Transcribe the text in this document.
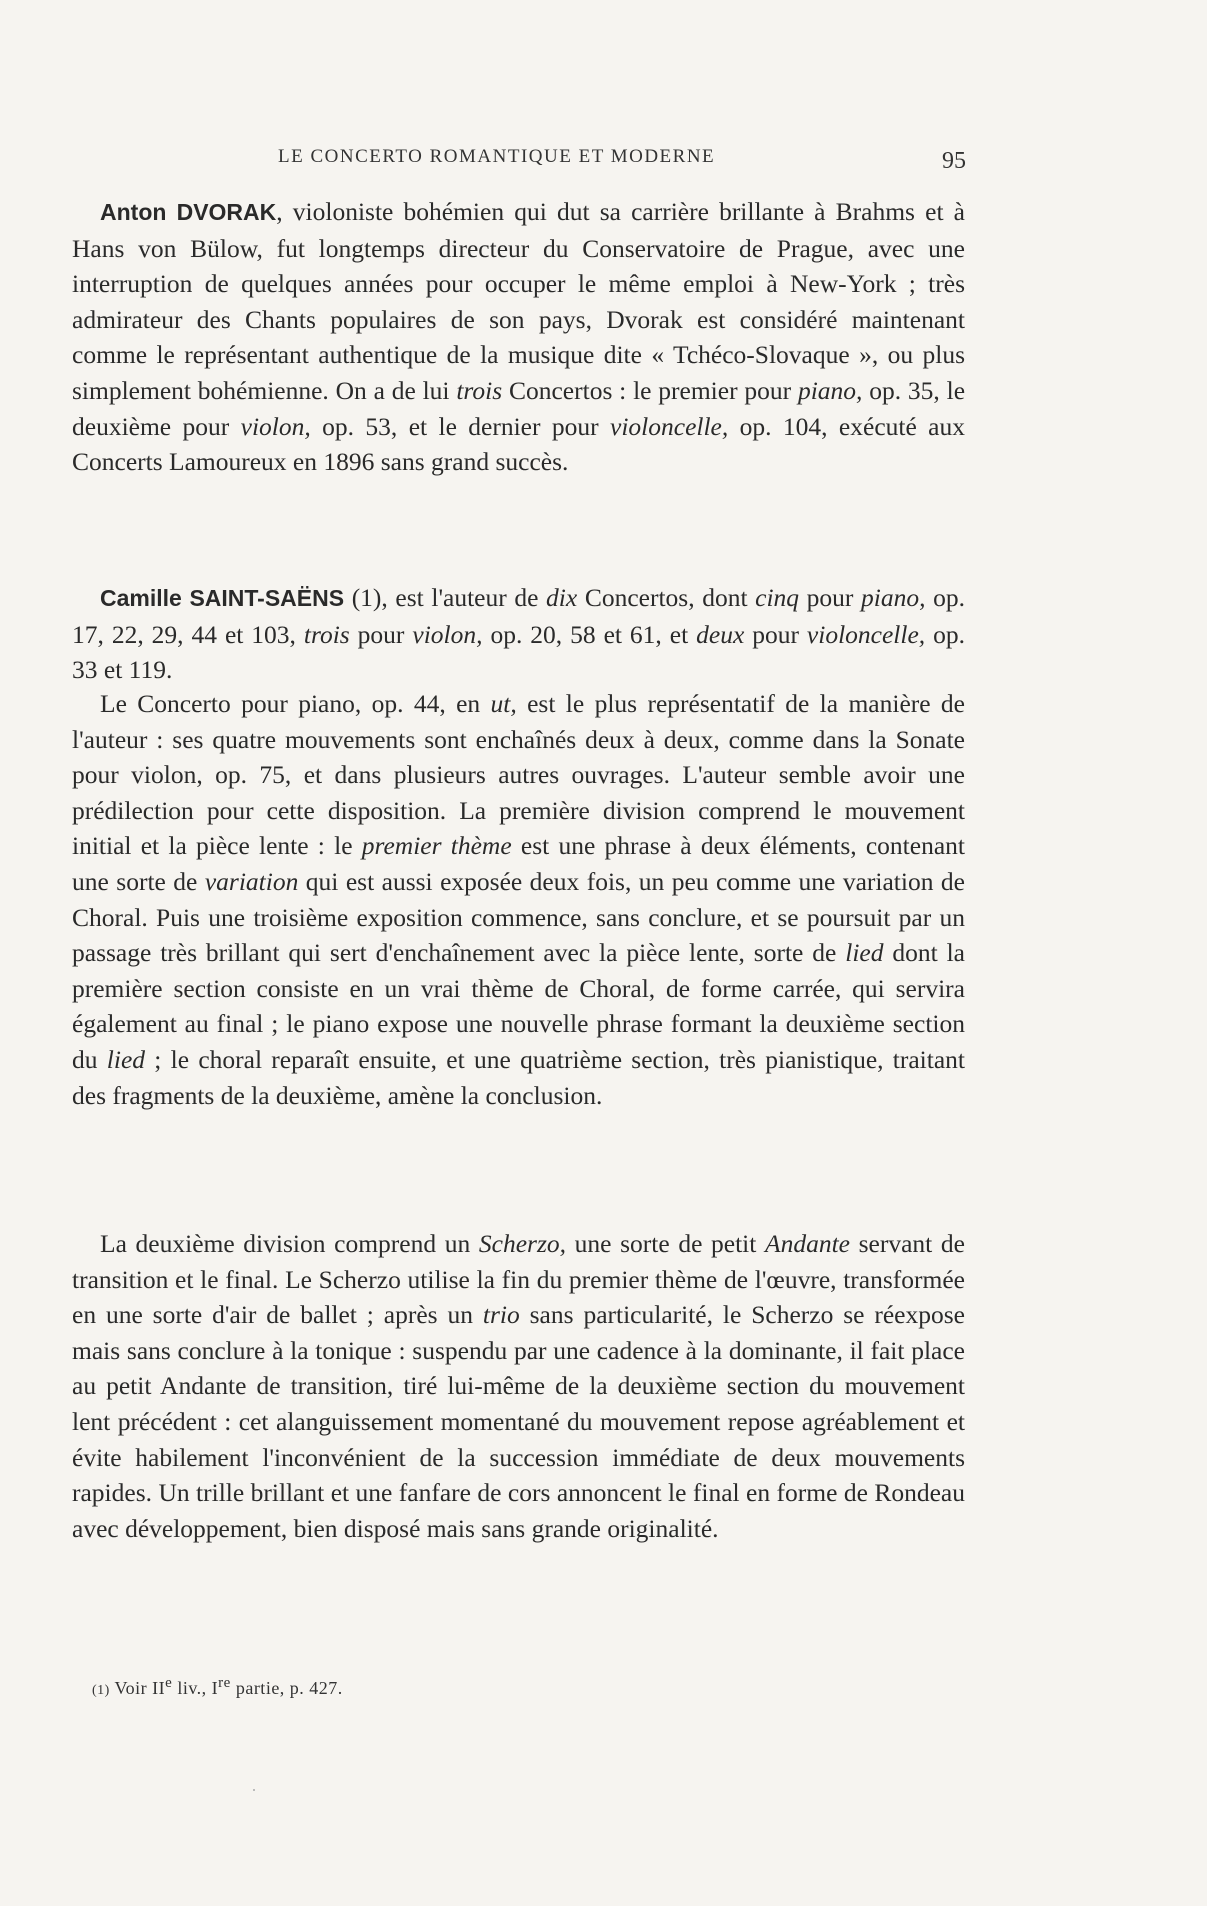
LE CONCERTO ROMANTIQUE ET MODERNE	95

Anton DVORAK, violoniste bohémien qui dut sa carrière brillante à Brahms et à Hans von Bülow, fut longtemps directeur du Conservatoire de Prague, avec une interruption de quelques années pour occuper le même emploi à New-York ; très admirateur des Chants populaires de son pays, Dvorak est considéré maintenant comme le représentant authentique de la musique dite « Tchéco-Slovaque », ou plus simplement bohémienne. On a de lui trois Concertos : le premier pour piano, op. 35, le deuxième pour violon, op. 53, et le dernier pour violoncelle, op. 104, exécuté aux Concerts Lamoureux en 1896 sans grand succès.

Camille SAINT-SAËNS (1), est l'auteur de dix Concertos, dont cinq pour piano, op. 17, 22, 29, 44 et 103, trois pour violon, op. 20, 58 et 61, et deux pour violoncelle, op. 33 et 119.

Le Concerto pour piano, op. 44, en ut, est le plus représentatif de la manière de l'auteur : ses quatre mouvements sont enchaînés deux à deux, comme dans la Sonate pour violon, op. 75, et dans plusieurs autres ouvrages. L'auteur semble avoir une prédilection pour cette disposition. La première division comprend le mouvement initial et la pièce lente : le premier thème est une phrase à deux éléments, contenant une sorte de variation qui est aussi exposée deux fois, un peu comme une variation de Choral. Puis une troisième exposition commence, sans conclure, et se poursuit par un passage très brillant qui sert d'enchaînement avec la pièce lente, sorte de lied dont la première section consiste en un vrai thème de Choral, de forme carrée, qui servira également au final ; le piano expose une nouvelle phrase formant la deuxième section du lied ; le choral reparaît ensuite, et une quatrième section, très pianistique, traitant des fragments de la deuxième, amène la conclusion.

La deuxième division comprend un Scherzo, une sorte de petit Andante servant de transition et le final. Le Scherzo utilise la fin du premier thème de l'œuvre, transformée en une sorte d'air de ballet ; après un trio sans particularité, le Scherzo se réexpose mais sans conclure à la tonique : suspendu par une cadence à la dominante, il fait place au petit Andante de transition, tiré lui-même de la deuxième section du mouvement lent précédent : cet alanguissement momentané du mouvement repose agréablement et évite habilement l'inconvénient de la succession immédiate de deux mouvements rapides. Un trille brillant et une fanfare de cors annoncent le final en forme de Rondeau avec développement, bien disposé mais sans grande originalité.

(1) Voir IIe liv., Ire partie, p. 427.
